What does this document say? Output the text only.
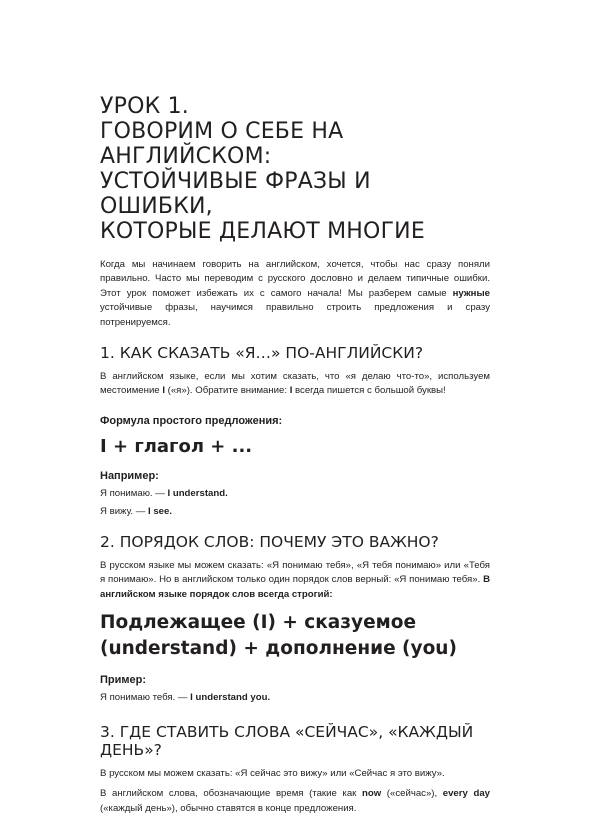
УРОК 1.
ГОВОРИМ О СЕБЕ НА АНГЛИЙСКОМ:
УСТОЙЧИВЫЕ ФРАЗЫ И ОШИБКИ,
КОТОРЫЕ ДЕЛАЮТ МНОГИЕ

Когда мы начинаем говорить на английском, хочется, чтобы нас сразу поняли правильно. Часто мы переводим с русского дословно и делаем типичные ошибки. Этот урок поможет избежать их с самого начала! Мы разберем самые нужные устойчивые фразы, научимся правильно строить предложения и сразу потренируемся.

1. КАК СКАЗАТЬ «Я…» ПО-АНГЛИЙСКИ?

В английском языке, если мы хотим сказать, что «я делаю что-то», используем местоимение I («я»). Обратите внимание: I всегда пишется с большой буквы!

Формула простого предложения:
I + глагол + ...
Например:
Я понимаю. — I understand.
Я вижу. — I see.
2. ПОРЯДОК СЛОВ: ПОЧЕМУ ЭТО ВАЖНО?

В русском языке мы можем сказать: «Я понимаю тебя», «Я тебя понимаю» или «Тебя я понимаю». Но в английском только один порядок слов верный: «Я понимаю тебя». В английском языке порядок слов всегда строгий:

Подлежащее (I) + сказуемое
(understand) + дополнение (you)
Пример:
Я понимаю тебя. — I understand you.
3. ГДЕ СТАВИТЬ СЛОВА «СЕЙЧАС», «КАЖДЫЙ ДЕНЬ»?

В русском мы можем сказать: «Я сейчас это вижу» или «Сейчас я это вижу».

В английском слова, обозначающие время (такие как now («сейчас»), every day («каждый день»), обычно ставятся в конце предложения.
